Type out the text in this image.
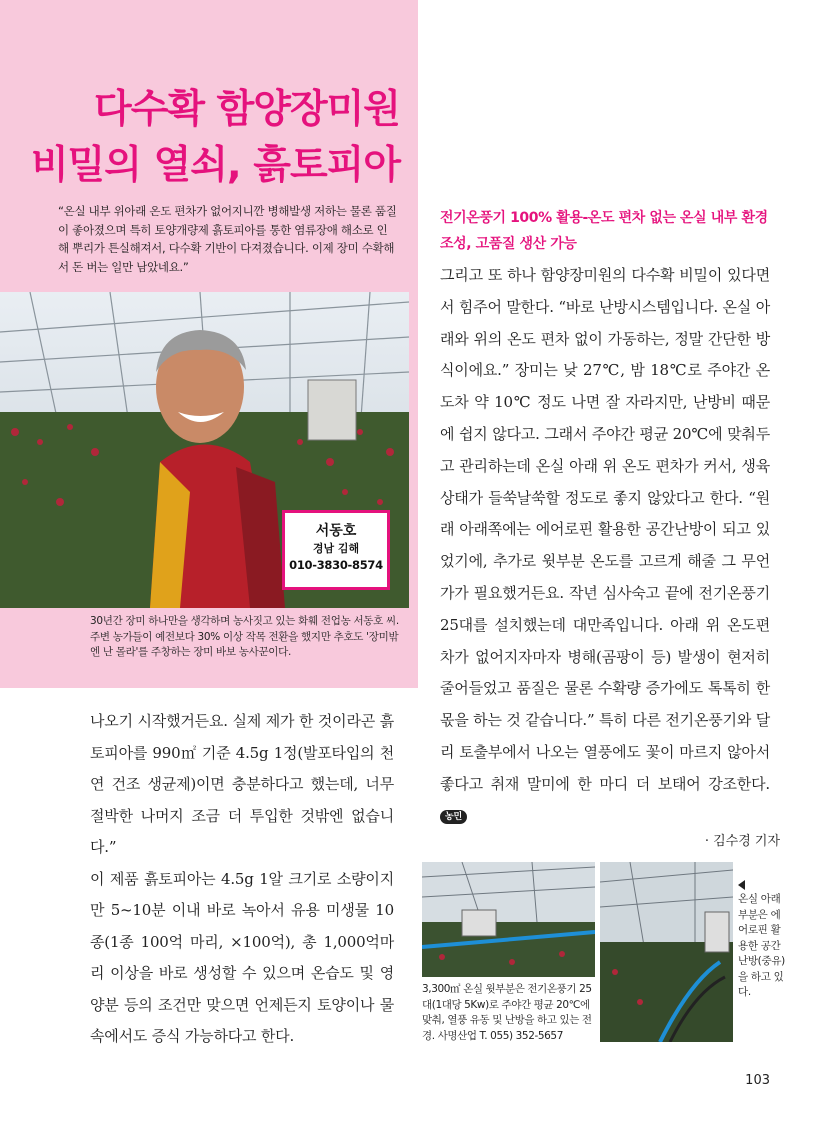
다수확 함양장미원
비밀의 열쇠, 흙토피아
“온실 내부 위아래 온도 편차가 없어지니깐 병해발생 저하는 물론 품질이 좋아졌으며 특히 토양개량제 흙토피아를 통한 염류장애 해소로 인해 뿌리가 튼실해져서, 다수확 기반이 다져졌습니다. 이제 장미 수확해서 돈 버는 일만 남았네요.”
서동호
경남 김해
010-3830-8574
30년간 장미 하나만을 생각하며 농사짓고 있는 화훼 전업농 서동호 씨. 주변 농가들이 예전보다 30% 이상 작목 전환을 했지만 추호도 '장미밖엔 난 몰라'를 주창하는 장미 바보 농사꾼이다.

나오기 시작했거든요. 실제 제가 한 것이라곤 흙토피아를 990㎡ 기준 4.5g 1정(발포타입의 천연 건조 생균제)이면 충분하다고 했는데, 너무 절박한 나머지 조금 더 투입한 것밖엔 없습니다.”

이 제품 흙토피아는 4.5g 1알 크기로 소량이지만 5~10분 이내 바로 녹아서 유용 미생물 10종(1종 100억 마리, ×100억), 총 1,000억마리 이상을 바로 생성할 수 있으며 온습도 및 영양분 등의 조건만 맞으면 언제든지 토양이나 물속에서도 증식 가능하다고 한다.

전기온풍기 100% 활용-온도 편차 없는 온실 내부 환경조성, 고품질 생산 가능

그리고 또 하나 함양장미원의 다수확 비밀이 있다면서 힘주어 말한다. “바로 난방시스템입니다. 온실 아래와 위의 온도 편차 없이 가동하는, 정말 간단한 방식이에요.” 장미는 낮 27℃, 밤 18℃로 주야간 온도차 약 10℃ 정도 나면 잘 자라지만, 난방비 때문에 쉽지 않다고. 그래서 주야간 평균 20℃에 맞춰두고 관리하는데 온실 아래 위 온도 편차가 커서, 생육상태가 들쑥날쑥할 정도로 좋지 않았다고 한다. “원래 아래쪽에는 에어로핀 활용한 공간난방이 되고 있었기에, 추가로 윗부분 온도를 고르게 해줄 그 무언가가 필요했거든요. 작년 심사숙고 끝에 전기온풍기 25대를 설치했는데 대만족입니다. 아래 위 온도편차가 없어지자마자 병해(곰팡이 등) 발생이 현저히 줄어들었고 품질은 물론 수확량 증가에도 톡톡히 한몫을 하는 것 같습니다.” 특히 다른 전기온풍기와 달리 토출부에서 나오는 열풍에도 꽃이 마르지 않아서 좋다고 취재 말미에 한 마디 더 보태어 강조한다. 농민

· 김수경 기자
3,300㎡ 온실 윗부분은 전기온풍기 25대(1대당 5Kw)로 주야간 평균 20℃에 맞춰, 열풍 유동 및 난방을 하고 있는 전경. 사명산업 T. 055) 352-5657
온실 아래부분은 에어로핀 활용한 공간난방(중유)을 하고 있다.
103
